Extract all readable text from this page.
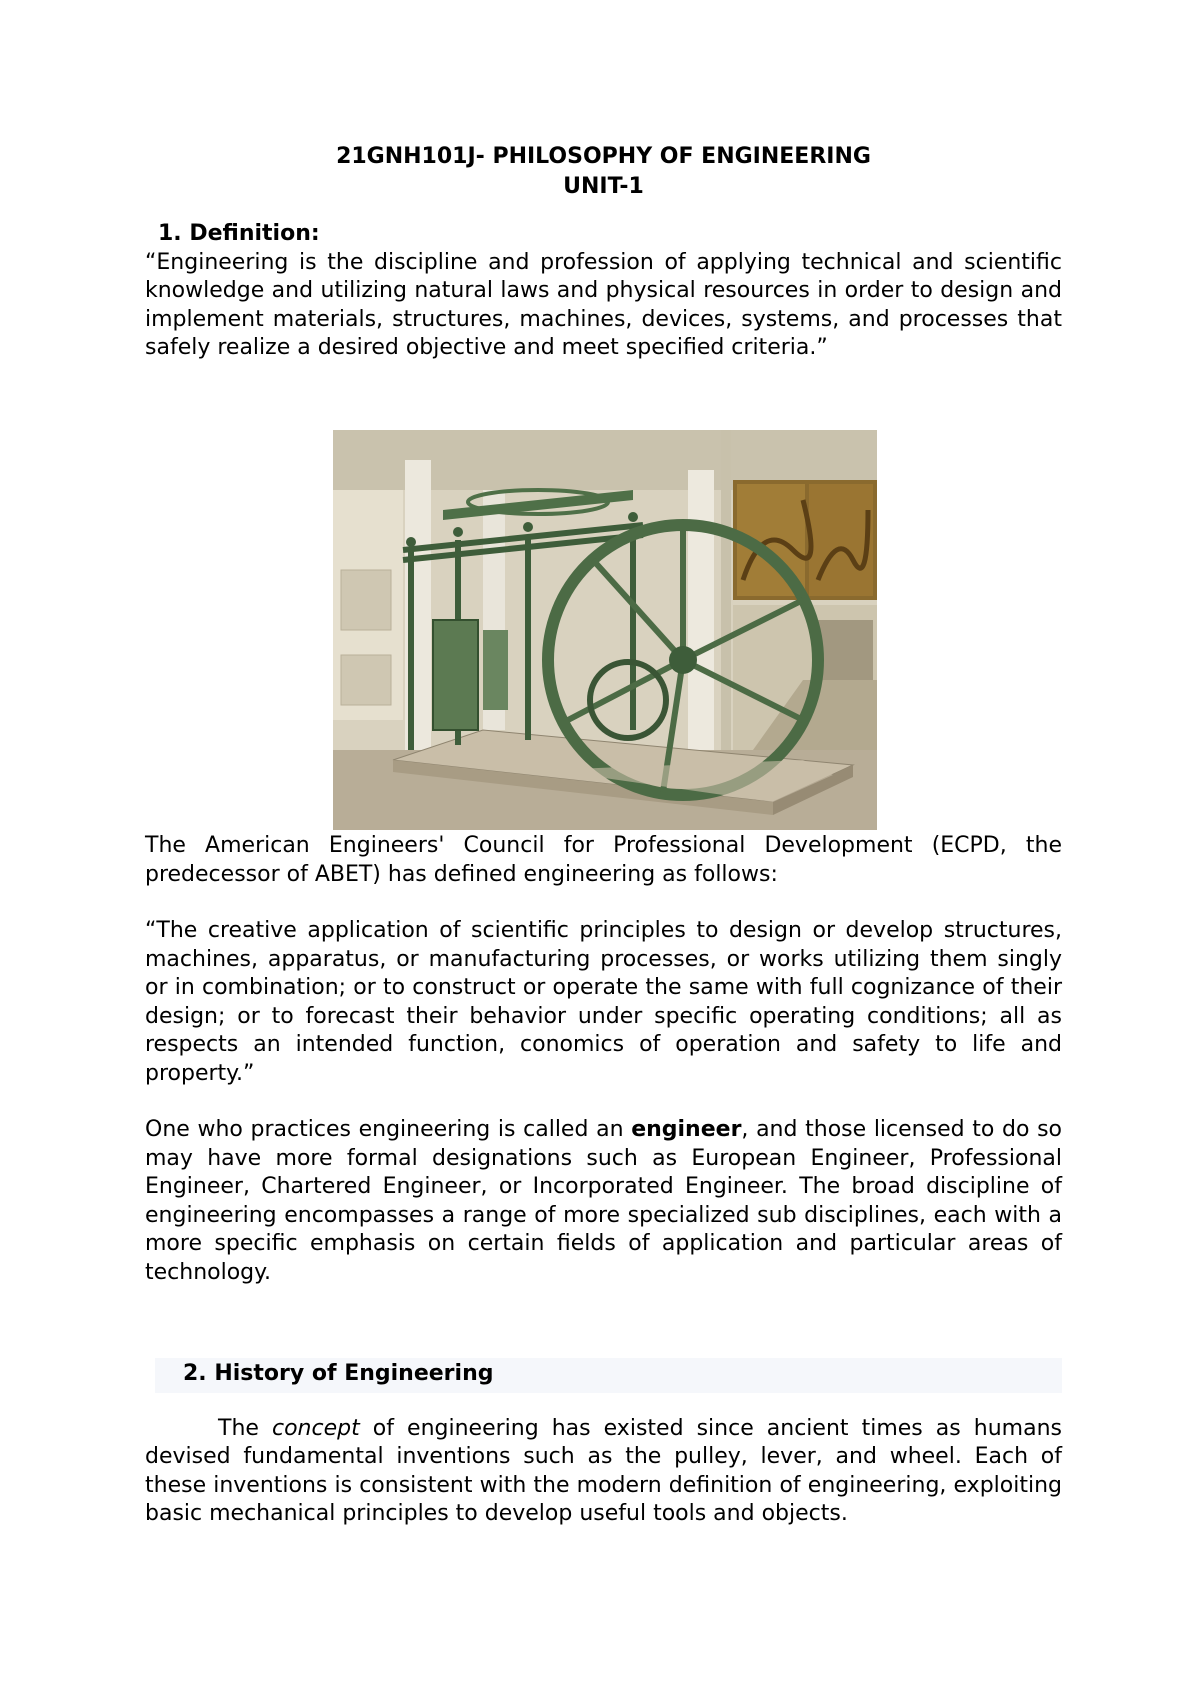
21GNH101J- PHILOSOPHY OF ENGINEERING

UNIT-1

1. Definition:

“Engineering is the discipline and profession of applying technical and scientific knowledge and utilizing natural laws and physical resources in order to design and implement materials, structures, machines, devices, systems, and processes that safely realize a desired objective and meet specified criteria.”

The American Engineers' Council for Professional Development (ECPD, the predecessor of ABET) has defined engineering as follows:

“The creative application of scientific principles to design or develop structures, machines, apparatus, or manufacturing processes, or works utilizing them singly or in combination; or to construct or operate the same with full cognizance of their design; or to forecast their behavior under specific operating conditions; all as respects an intended function, conomics of operation and safety to life and property.”

One who practices engineering is called an engineer, and those licensed to do so may have more formal designations such as European Engineer, Professional Engineer, Chartered Engineer, or Incorporated Engineer. The broad discipline of engineering encompasses a range of more specialized sub disciplines, each with a more specific emphasis on certain fields of application and particular areas of technology.

2. History of Engineering

The concept of engineering has existed since ancient times as humans devised fundamental inventions such as the pulley, lever, and wheel. Each of these inventions is consistent with the modern definition of engineering, exploiting basic mechanical principles to develop useful tools and objects.
